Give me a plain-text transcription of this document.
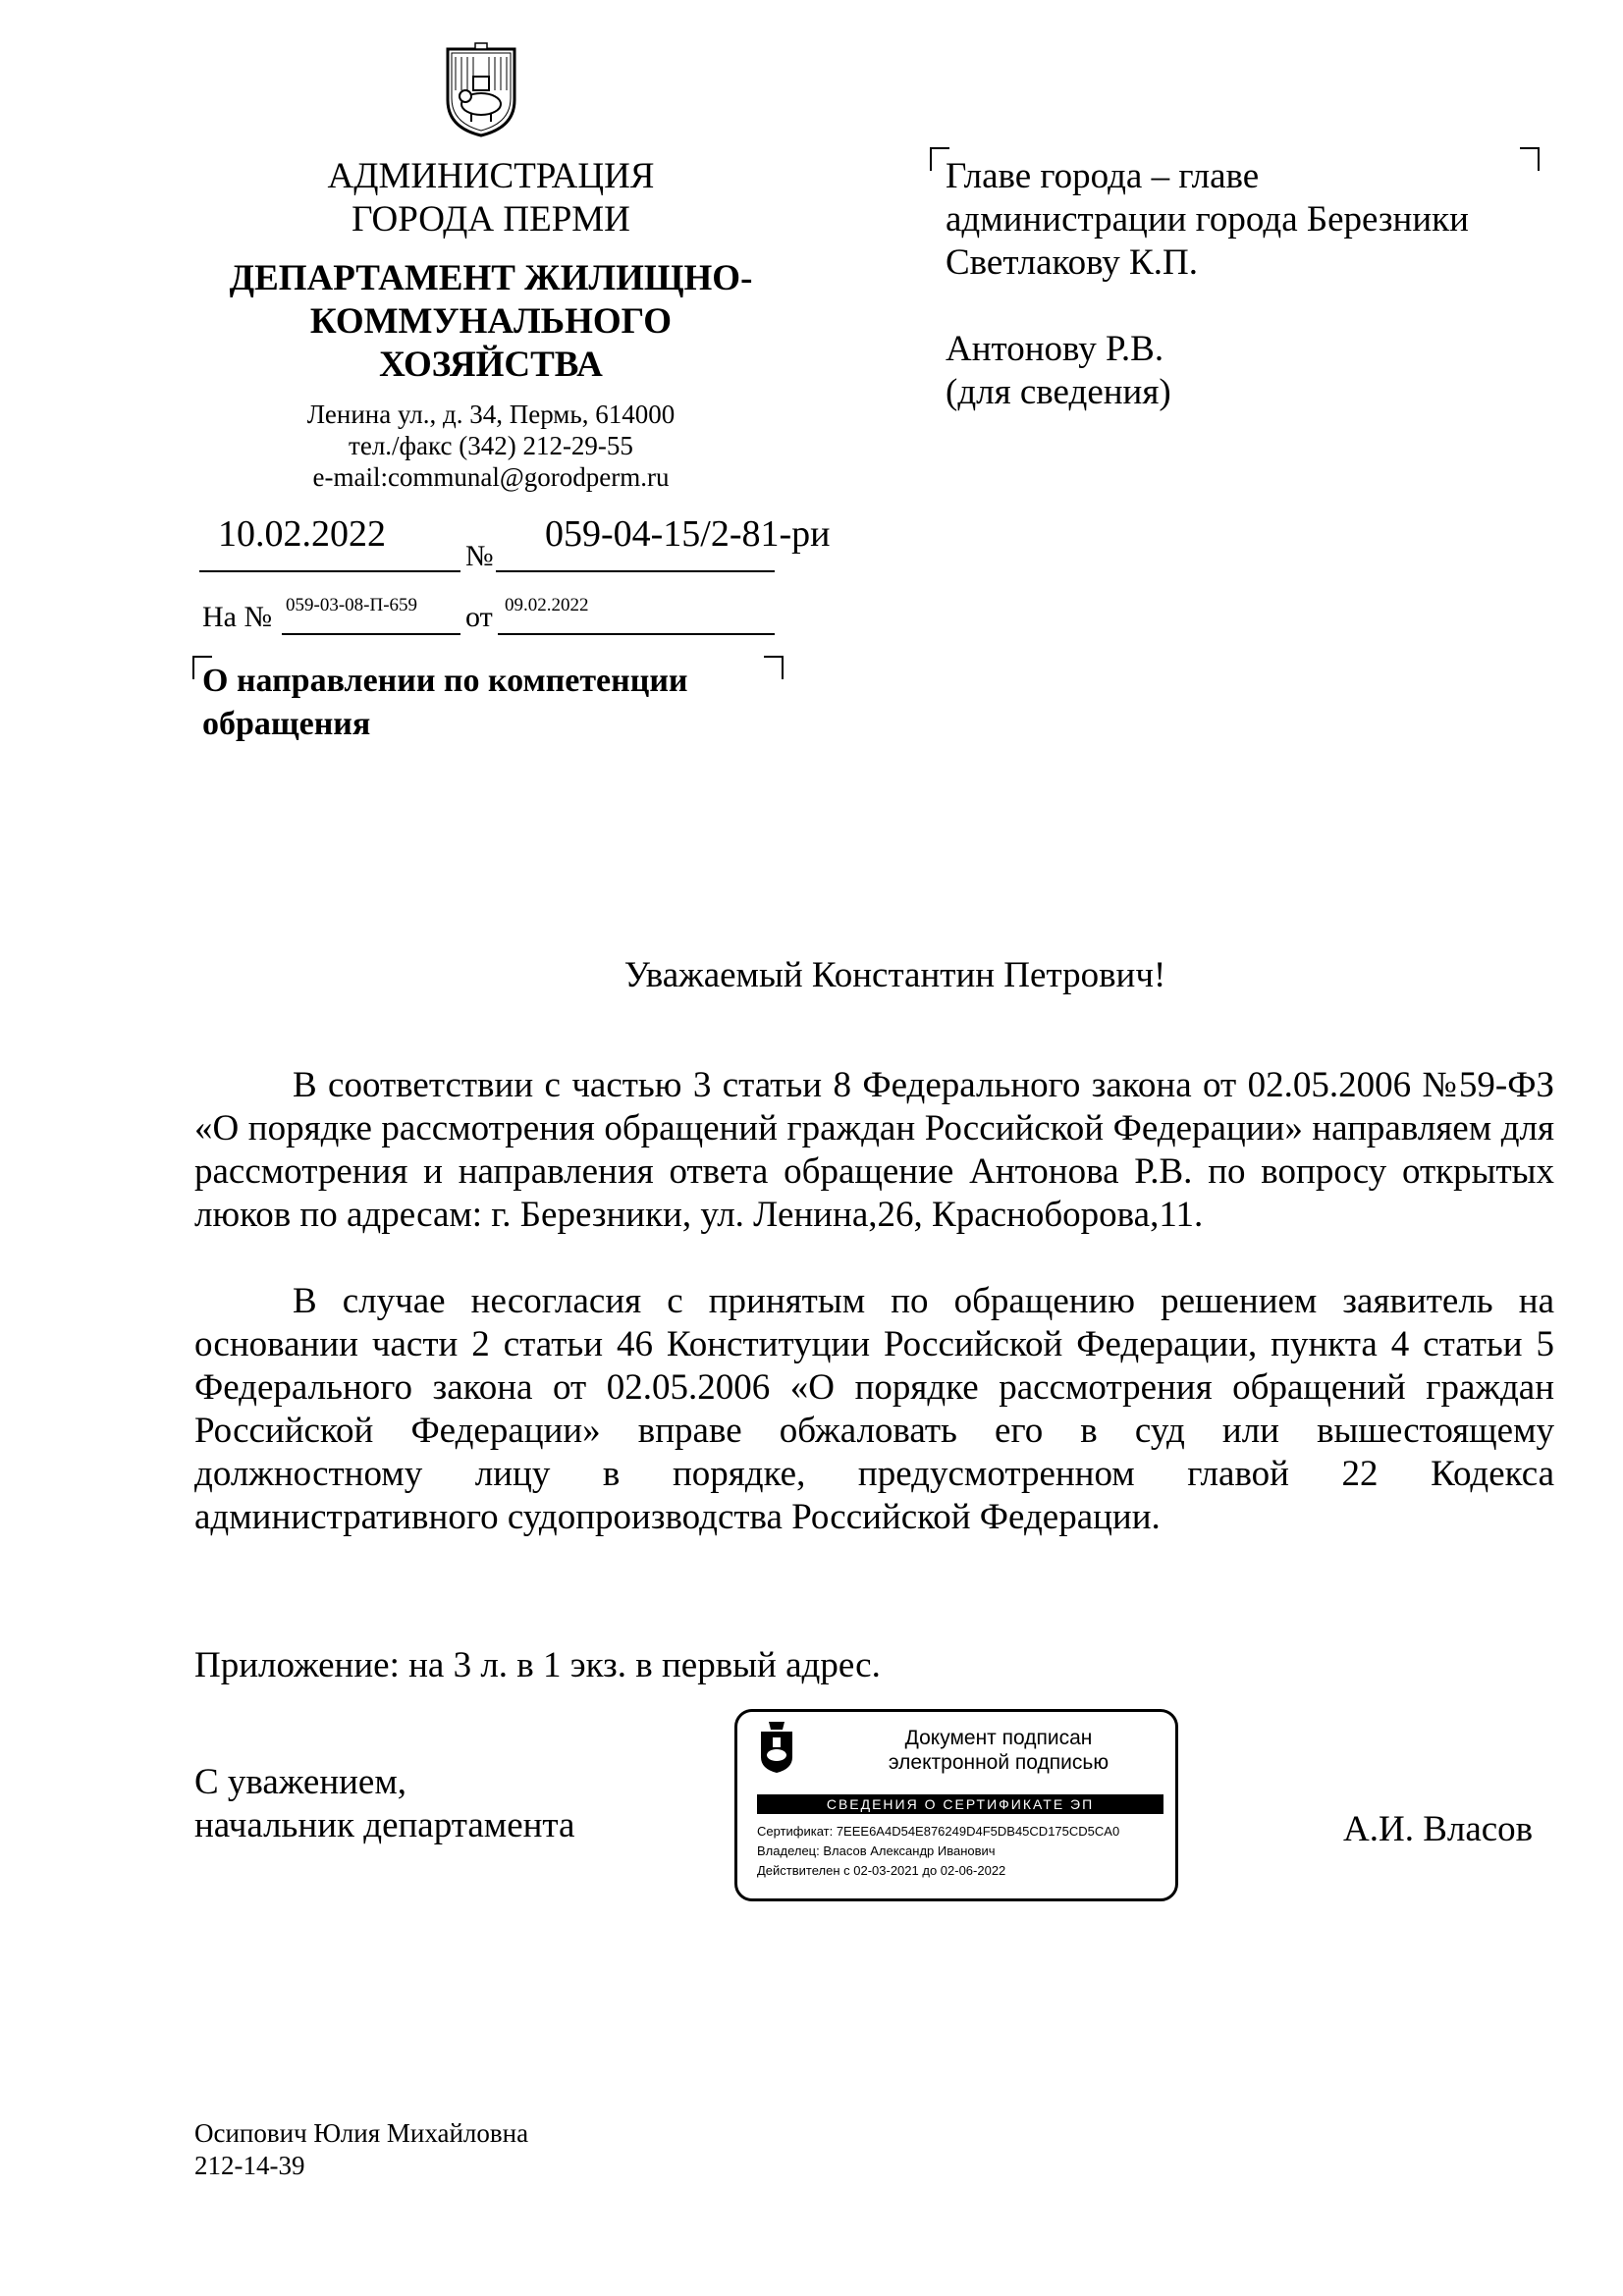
АДМИНИСТРАЦИЯ
ГОРОДА ПЕРМИ
ДЕПАРТАМЕНТ ЖИЛИЩНО-
КОММУНАЛЬНОГО
ХОЗЯЙСТВА
Ленина ул., д. 34, Пермь, 614000
тел./факс (342) 212-29-55
e-mail:communal@gorodperm.ru
10.02.2022
№
059-04-15/2-81-ри
На № 059-03-08-П-659 от 09.02.2022
Главе города – главе
администрации города Березники
Светлакову К.П.
Антонову Р.В.
(для сведения)
О направлении по компетенции
обращения
Уважаемый Константин Петрович!
В соответствии с частью 3 статьи 8 Федерального закона от 02.05.2006 №59-ФЗ «О порядке рассмотрения обращений граждан Российской Федерации» направляем для рассмотрения и направления ответа обращение Антонова Р.В. по вопросу открытых люков по адресам: г. Березники, ул. Ленина,26, Красноборова,11.
В случае несогласия с принятым по обращению решением заявитель на основании части 2 статьи 46 Конституции Российской Федерации, пункта 4 статьи 5 Федерального закона от 02.05.2006 «О порядке рассмотрения обращений граждан Российской Федерации» вправе обжаловать его в суд или вышестоящему должностному лицу в порядке, предусмотренном главой 22 Кодекса административного судопроизводства Российской Федерации.
Приложение: на 3 л. в 1 экз. в первый адрес.
С уважением,
начальник департамента	А.И. Власов
Документ подписан
электронной подписью
СВЕДЕНИЯ О СЕРТИФИКАТЕ ЭП
Сертификат: 7EEE6A4D54E876249D4F5DB45CD175CD5CA0
Владелец: Власов Александр Иванович
Действителен с 02-03-2021 до 02-06-2022
Осипович Юлия Михайловна
212-14-39
